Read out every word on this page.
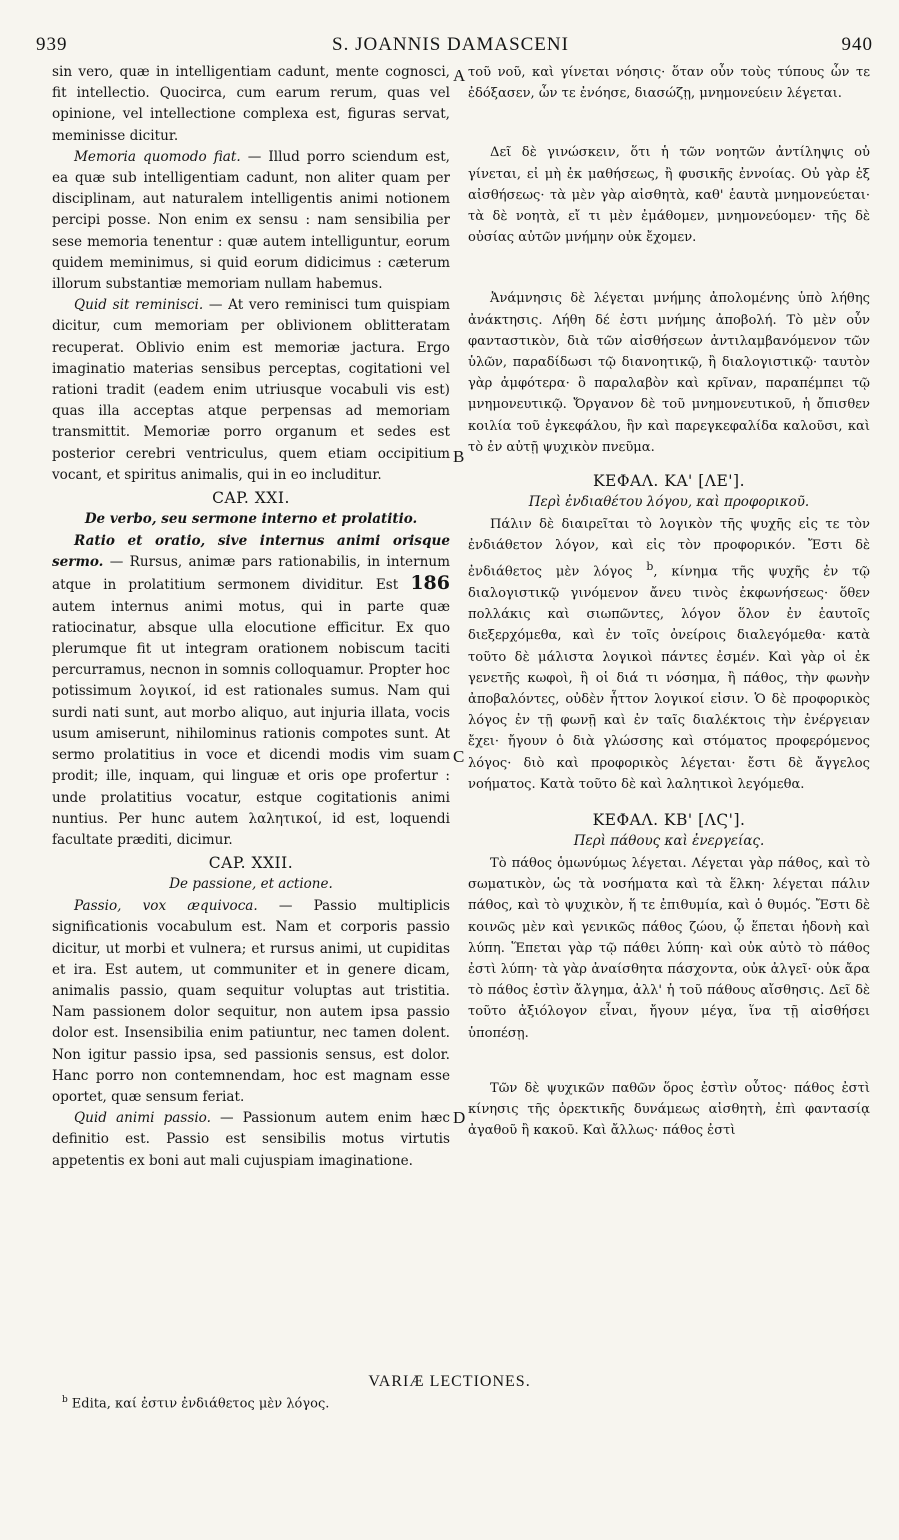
939	S. JOANNIS DAMASCENI	940
A
B
C
D

sin vero, quæ in intelligentiam cadunt, mente cognosci, fit intellectio. Quocirca, cum earum rerum, quas vel opinione, vel intellectione complexa est, figuras servat, meminisse dicitur.

Memoria quomodo fiat. — Illud porro sciendum est, ea quæ sub intelligentiam cadunt, non aliter quam per disciplinam, aut naturalem intelligentis animi notionem percipi posse. Non enim ex sensu : nam sensibilia per sese memoria tenentur : quæ autem intelliguntur, eorum quidem meminimus, si quid eorum didicimus : cæterum illorum substantiæ memoriam nullam habemus.

Quid sit reminisci. — At vero reminisci tum quispiam dicitur, cum memoriam per oblivionem oblitteratam recuperat. Oblivio enim est memoriæ jactura. Ergo imaginatio materias sensibus perceptas, cogitationi vel rationi tradit (eadem enim utriusque vocabuli vis est) quas illa acceptas atque perpensas ad memoriam transmittit. Memoriæ porro organum et sedes est posterior cerebri ventriculus, quem etiam occipitium vocant, et spiritus animalis, qui in eo includitur.

CAP. XXI.
De verbo, seu sermone interno et prolatitio.

Ratio et oratio, sive internus animi orisque sermo. — Rursus, animæ pars rationabilis, in internum atque in prolatitium sermonem dividitur. Est 186 autem internus animi motus, qui in parte quæ ratiocinatur, absque ulla elocutione efficitur. Ex quo plerumque fit ut integram orationem nobiscum taciti percurramus, necnon in somnis colloquamur. Propter hoc potissimum λογικοί, id est rationales sumus. Nam qui surdi nati sunt, aut morbo aliquo, aut injuria illata, vocis usum amiserunt, nihilominus rationis compotes sunt. At sermo prolatitius in voce et dicendi modis vim suam prodit; ille, inquam, qui linguæ et oris ope profertur : unde prolatitius vocatur, estque cogitationis animi nuntius. Per hunc autem λαλητικοί, id est, loquendi facultate præditi, dicimur.

CAP. XXII.
De passione, et actione.

Passio, vox æquivoca. — Passio multiplicis significationis vocabulum est. Nam et corporis passio dicitur, ut morbi et vulnera; et rursus animi, ut cupiditas et ira. Est autem, ut communiter et in genere dicam, animalis passio, quam sequitur voluptas aut tristitia. Nam passionem dolor sequitur, non autem ipsa passio dolor est. Insensibilia enim patiuntur, nec tamen dolent. Non igitur passio ipsa, sed passionis sensus, est dolor. Hanc porro non contemnendam, hoc est magnam esse oportet, quæ sensum feriat.

Quid animi passio. — Passionum autem enim hæc definitio est. Passio est sensibilis motus virtutis appetentis ex boni aut mali cujuspiam imaginatione.

τοῦ νοῦ, καὶ γίνεται νόησις· ὅταν οὖν τοὺς τύπους ὧν τε ἐδόξασεν, ὧν τε ἐνόησε, διασώζῃ, μνημονεύειν λέγεται.

Δεῖ δὲ γινώσκειν, ὅτι ἡ τῶν νοητῶν ἀντίληψις οὐ γίνεται, εἰ μὴ ἐκ μαθήσεως, ἢ φυσικῆς ἐννοίας. Οὐ γὰρ ἐξ αἰσθήσεως· τὰ μὲν γὰρ αἰσθητὰ, καθ' ἑαυτὰ μνημονεύεται· τὰ δὲ νοητὰ, εἴ τι μὲν ἐμάθομεν, μνημονεύομεν· τῆς δὲ οὐσίας αὐτῶν μνήμην οὐκ ἔχομεν.

Ἀνάμνησις δὲ λέγεται μνήμης ἀπολομένης ὑπὸ λήθης ἀνάκτησις. Λήθη δέ ἐστι μνήμης ἀποβολή. Τὸ μὲν οὖν φανταστικὸν, διὰ τῶν αἰσθήσεων ἀντιλαμβανόμενον τῶν ὑλῶν, παραδίδωσι τῷ διανοητικῷ, ἢ διαλογιστικῷ· ταυτὸν γὰρ ἀμφότερα· ὃ παραλαβὸν καὶ κρῖναν, παραπέμπει τῷ μνημονευτικῷ. Ὄργανον δὲ τοῦ μνημονευτικοῦ, ἡ ὄπισθεν κοιλία τοῦ ἐγκεφάλου, ἣν καὶ παρεγκεφαλίδα καλοῦσι, καὶ τὸ ἐν αὐτῇ ψυχικὸν πνεῦμα.

ΚΕΦΑΛ. ΚΑ' [ΛΕ'].
Περὶ ἐνδιαθέτου λόγου, καὶ προφορικοῦ.

Πάλιν δὲ διαιρεῖται τὸ λογικὸν τῆς ψυχῆς εἰς τε τὸν ἐνδιάθετον λόγον, καὶ εἰς τὸν προφορικόν. Ἔστι δὲ ἐνδιάθετος μὲν λόγος $^b$, κίνημα τῆς ψυχῆς ἐν τῷ διαλογιστικῷ γινόμενον ἄνευ τινὸς ἐκφωνήσεως· ὅθεν πολλάκις καὶ σιωπῶντες, λόγον ὅλον ἐν ἑαυτοῖς διεξερχόμεθα, καὶ ἐν τοῖς ὀνείροις διαλεγόμεθα· κατὰ τοῦτο δὲ μάλιστα λογικοὶ πάντες ἐσμέν. Καὶ γὰρ οἱ ἐκ γενετῆς κωφοὶ, ἢ οἱ διά τι νόσημα, ἢ πάθος, τὴν φωνὴν ἀποβαλόντες, οὐδὲν ἧττον λογικοί εἰσιν. Ὁ δὲ προφορικὸς λόγος ἐν τῇ φωνῇ καὶ ἐν ταῖς διαλέκτοις τὴν ἐνέργειαν ἔχει· ἤγουν ὁ διὰ γλώσσης καὶ στόματος προφερόμενος λόγος· διὸ καὶ προφορικὸς λέγεται· ἔστι δὲ ἄγγελος νοήματος. Κατὰ τοῦτο δὲ καὶ λαλητικοὶ λεγόμεθα.

ΚΕΦΑΛ. ΚΒ' [ΛϚ'].
Περὶ πάθους καὶ ἐνεργείας.

Τὸ πάθος ὁμωνύμως λέγεται. Λέγεται γὰρ πάθος, καὶ τὸ σωματικὸν, ὡς τὰ νοσήματα καὶ τὰ ἕλκη· λέγεται πάλιν πάθος, καὶ τὸ ψυχικὸν, ἥ τε ἐπιθυμία, καὶ ὁ θυμός. Ἔστι δὲ κοινῶς μὲν καὶ γενικῶς πάθος ζώου, ᾧ ἕπεται ἡδονὴ καὶ λύπη. Ἕπεται γὰρ τῷ πάθει λύπη· καὶ οὐκ αὐτὸ τὸ πάθος ἐστὶ λύπη· τὰ γὰρ ἀναίσθητα πάσχοντα, οὐκ ἀλγεῖ· οὐκ ἄρα τὸ πάθος ἐστὶν ἄλγημα, ἀλλ' ἡ τοῦ πάθους αἴσθησις. Δεῖ δὲ τοῦτο ἀξιόλογον εἶναι, ἤγουν μέγα, ἵνα τῇ αἰσθήσει ὑποπέσῃ.

Τῶν δὲ ψυχικῶν παθῶν ὅρος ἐστὶν οὗτος· πάθος ἐστὶ κίνησις τῆς ὀρεκτικῆς δυνάμεως αἰσθητὴ, ἐπὶ φαντασίᾳ ἀγαθοῦ ἢ κακοῦ. Καὶ ἄλλως· πάθος ἐστὶ

VARIÆ LECTIONES.
$^b$ Edita, καί ἐστιν ἐνδιάθετος μὲν λόγος.
